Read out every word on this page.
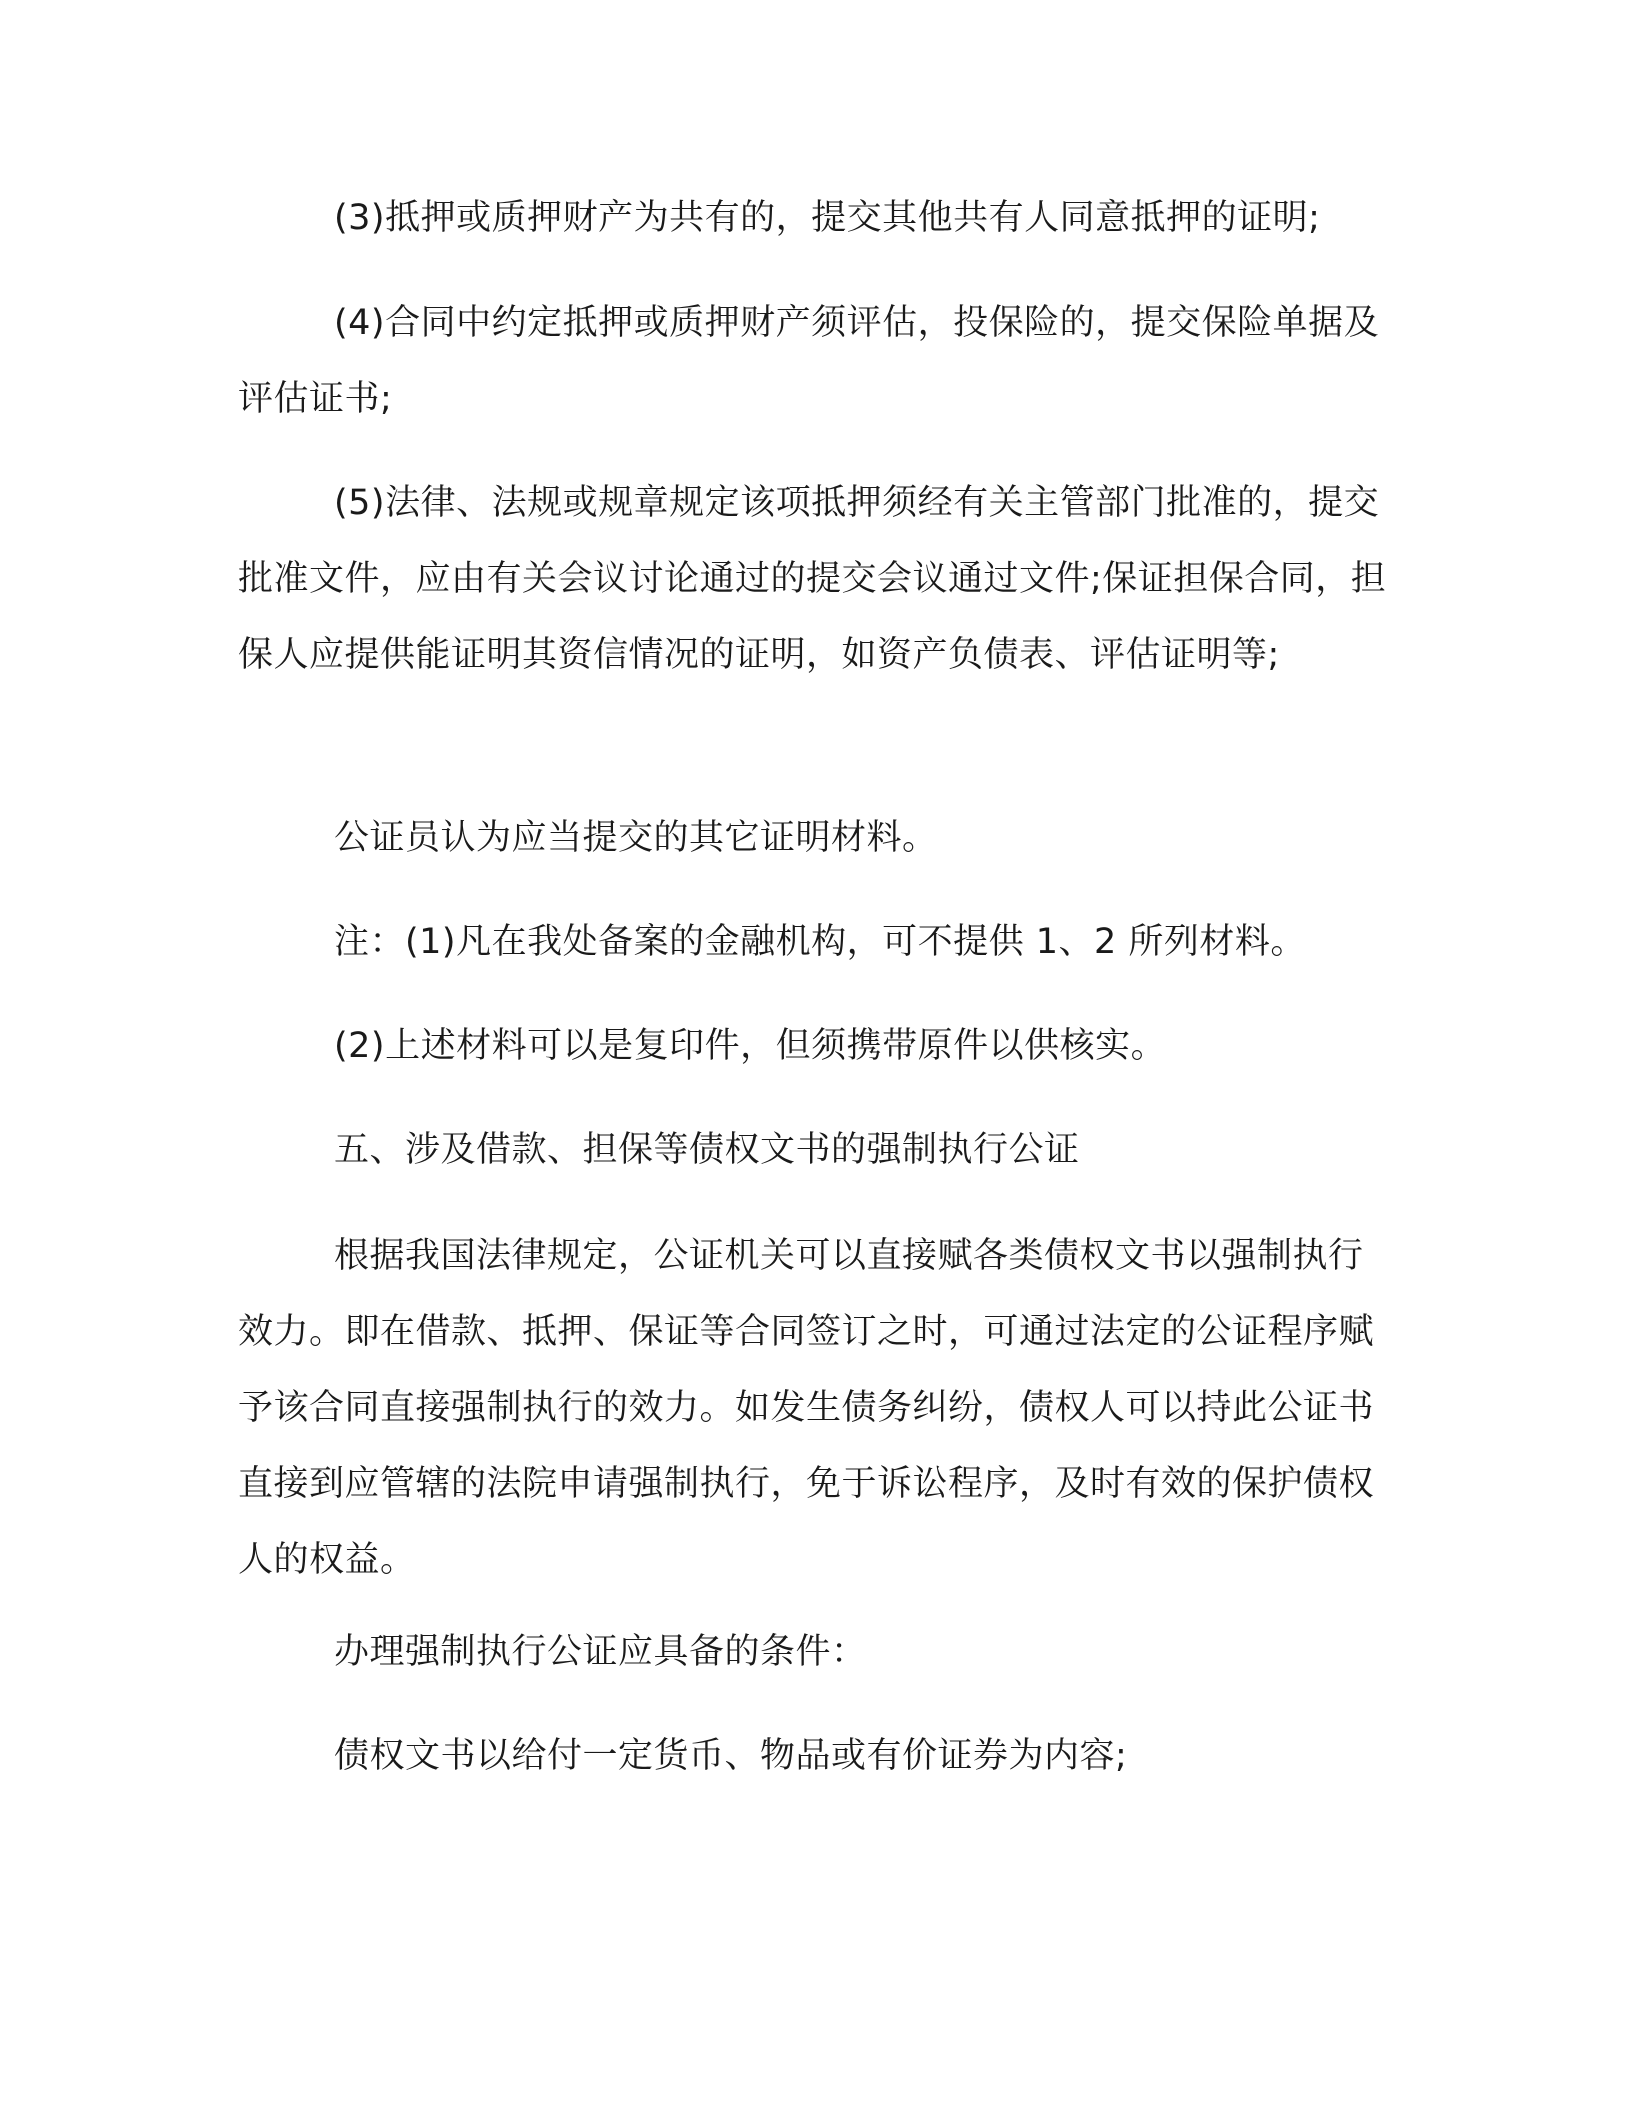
(3)抵押或质押财产为共有的，提交其他共有人同意抵押的证明;

(4)合同中约定抵押或质押财产须评估，投保险的，提交保险单据及评估证书;

(5)法律、法规或规章规定该项抵押须经有关主管部门批准的，提交批准文件，应由有关会议讨论通过的提交会议通过文件;保证担保合同，担保人应提供能证明其资信情况的证明，如资产负债表、评估证明等;

公证员认为应当提交的其它证明材料。

注：(1)凡在我处备案的金融机构，可不提供 1、2 所列材料。

(2)上述材料可以是复印件，但须携带原件以供核实。

五、涉及借款、担保等债权文书的强制执行公证

根据我国法律规定，公证机关可以直接赋各类债权文书以强制执行效力。即在借款、抵押、保证等合同签订之时，可通过法定的公证程序赋予该合同直接强制执行的效力。如发生债务纠纷，债权人可以持此公证书直接到应管辖的法院申请强制执行，免于诉讼程序，及时有效的保护债权人的权益。

办理强制执行公证应具备的条件：

债权文书以给付一定货币、物品或有价证券为内容;
